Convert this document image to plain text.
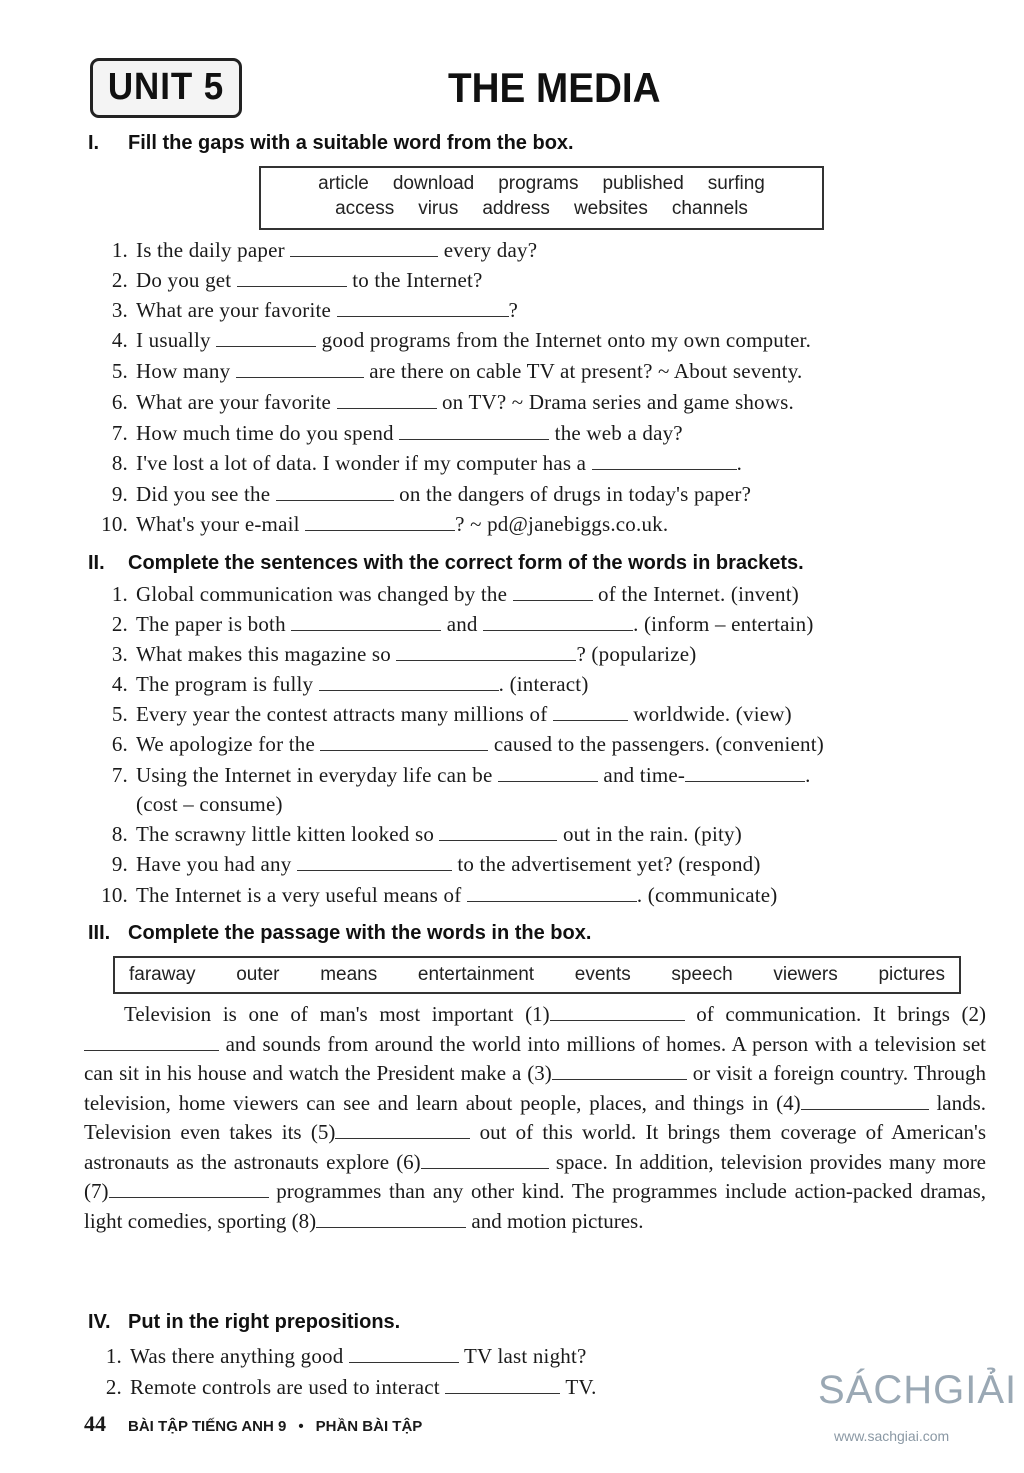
UNIT 5	THE MEDIA
I. Fill the gaps with a suitable word from the box.
article download programs published surfing
access virus address websites channels
1. Is the daily paper	every day?
2. Do you get	to the Internet?
3. What are your favorite	?
4. I usually	good programs from the Internet onto my own computer.
5. How many	are there on cable TV at present? ~ About seventy.
6. What are your favorite	on TV? ~ Drama series and game shows.
7. How much time do you spend	the web a day?
8. I've lost a lot of data. I wonder if my computer has a	.
9. Did you see the	on the dangers of drugs in today's paper?
10. What's your e-mail	? ~ pd@janebiggs.co.uk.
II. Complete the sentences with the correct form of the words in brackets.
1. Global communication was changed by the	of the Internet. (invent)
2. The paper is both	and	. (inform – entertain)
3. What makes this magazine so	? (popularize)
4. The program is fully	. (interact)
5. Every year the contest attracts many millions of	worldwide. (view)
6. We apologize for the	caused to the passengers. (convenient)
7. Using the Internet in everyday life can be	and time-	.
(cost – consume)
8. The scrawny little kitten looked so	out in the rain. (pity)
9. Have you had any	to the advertisement yet? (respond)
10. The Internet is a very useful means of	. (communicate)
III. Complete the passage with the words in the box.
faraway outer means entertainment events speech viewers pictures

Television is one of man's most important (1)	of communication. It brings (2) and sounds from around the world into millions of homes. A person with a television set can sit in his house and watch the President make a (3)	or visit a foreign country. Through television, home viewers can see and learn about people, places, and things in (4)	lands. Television even takes its (5)	out of this world. It brings them coverage of American's astronauts as the astronauts explore (6)	space. In addition, television provides many more (7)	programmes than any other kind. The programmes include action-packed dramas, light comedies, sporting (8)	and motion pictures.

IV. Put in the right prepositions.
1. Was there anything good	TV last night?
2. Remote controls are used to interact	TV.
44 BÀI TẬP TIẾNG ANH 9 • PHẦN BÀI TẬP
SÁCHGIẢI
www.sachgiai.com
